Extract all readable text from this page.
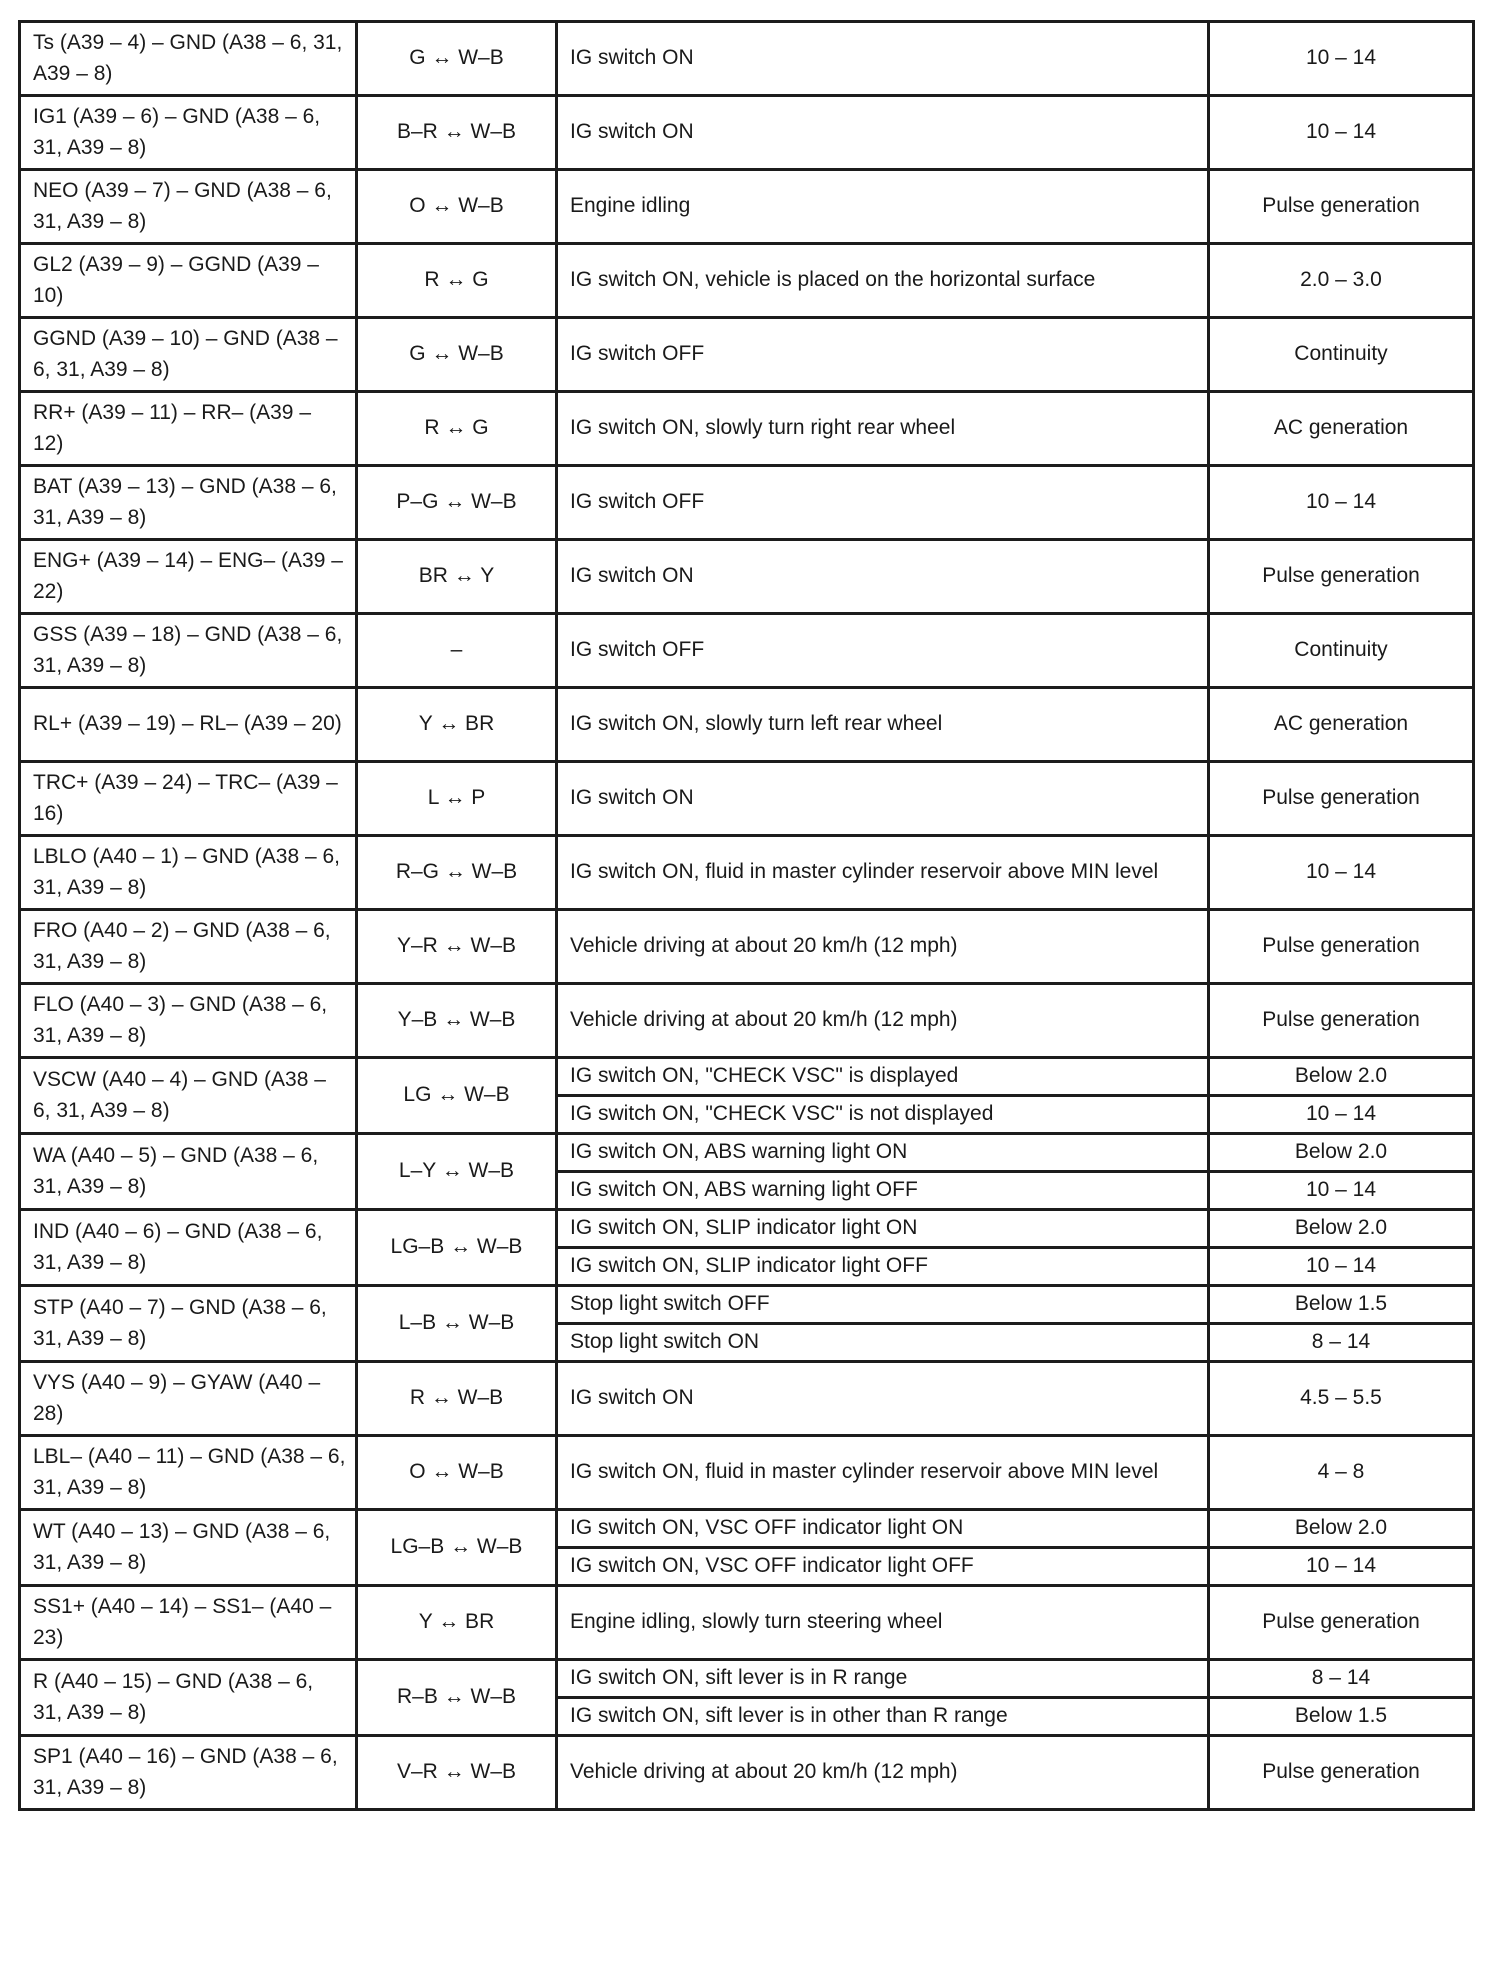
Ts (A39 – 4) – GND (A38 – 6, 31, A39 – 8)	G ↔ W–B	IG switch ON	10 – 14
IG1 (A39 – 6) – GND (A38 – 6, 31, A39 – 8)	B–R ↔ W–B	IG switch ON	10 – 14
NEO (A39 – 7) – GND (A38 – 6, 31, A39 – 8)	O ↔ W–B	Engine idling	Pulse generation
GL2 (A39 – 9) – GGND (A39 – 10)	R ↔ G	IG switch ON, vehicle is placed on the horizontal surface	2.0 – 3.0
GGND (A39 – 10) – GND (A38 – 6, 31, A39 – 8)	G ↔ W–B	IG switch OFF	Continuity
RR+ (A39 – 11) – RR– (A39 – 12)	R ↔ G	IG switch ON, slowly turn right rear wheel	AC generation
BAT (A39 – 13) – GND (A38 – 6, 31, A39 – 8)	P–G ↔ W–B	IG switch OFF	10 – 14
ENG+ (A39 – 14) – ENG– (A39 – 22)	BR ↔ Y	IG switch ON	Pulse generation
GSS (A39 – 18) – GND (A38 – 6, 31, A39 – 8)	–	IG switch OFF	Continuity
RL+ (A39 – 19) – RL– (A39 – 20)	Y ↔ BR	IG switch ON, slowly turn left rear wheel	AC generation
TRC+ (A39 – 24) – TRC– (A39 – 16)	L ↔ P	IG switch ON	Pulse generation
LBLO (A40 – 1) – GND (A38 – 6, 31, A39 – 8)	R–G ↔ W–B	IG switch ON, fluid in master cylinder reservoir above MIN level	10 – 14
FRO (A40 – 2) – GND (A38 – 6, 31, A39 – 8)	Y–R ↔ W–B	Vehicle driving at about 20 km/h (12 mph)	Pulse generation
FLO (A40 – 3) – GND (A38 – 6, 31, A39 – 8)	Y–B ↔ W–B	Vehicle driving at about 20 km/h (12 mph)	Pulse generation
VSCW (A40 – 4) – GND (A38 – 6, 31, A39 – 8)	LG ↔ W–B	IG switch ON, "CHECK VSC" is displayed	Below 2.0
		IG switch ON, "CHECK VSC" is not displayed	10 – 14
WA (A40 – 5) – GND (A38 – 6, 31, A39 – 8)	L–Y ↔ W–B	IG switch ON, ABS warning light ON	Below 2.0
		IG switch ON, ABS warning light OFF	10 – 14
IND (A40 – 6) – GND (A38 – 6, 31, A39 – 8)	LG–B ↔ W–B	IG switch ON, SLIP indicator light ON	Below 2.0
		IG switch ON, SLIP indicator light OFF	10 – 14
STP (A40 – 7) – GND (A38 – 6, 31, A39 – 8)	L–B ↔ W–B	Stop light switch OFF	Below 1.5
		Stop light switch ON	8 – 14
VYS (A40 – 9) – GYAW (A40 – 28)	R ↔ W–B	IG switch ON	4.5 – 5.5
LBL– (A40 – 11) – GND (A38 – 6, 31, A39 – 8)	O ↔ W–B	IG switch ON, fluid in master cylinder reservoir above MIN level	4 – 8
WT (A40 – 13) – GND (A38 – 6, 31, A39 – 8)	LG–B ↔ W–B	IG switch ON, VSC OFF indicator light ON	Below 2.0
		IG switch ON, VSC OFF indicator light OFF	10 – 14
SS1+ (A40 – 14) – SS1– (A40 – 23)	Y ↔ BR	Engine idling, slowly turn steering wheel	Pulse generation
R (A40 – 15) – GND (A38 – 6, 31, A39 – 8)	R–B ↔ W–B	IG switch ON, sift lever is in R range	8 – 14
		IG switch ON, sift lever is in other than R range	Below 1.5
SP1 (A40 – 16) – GND (A38 – 6, 31, A39 – 8)	V–R ↔ W–B	Vehicle driving at about 20 km/h (12 mph)	Pulse generation
